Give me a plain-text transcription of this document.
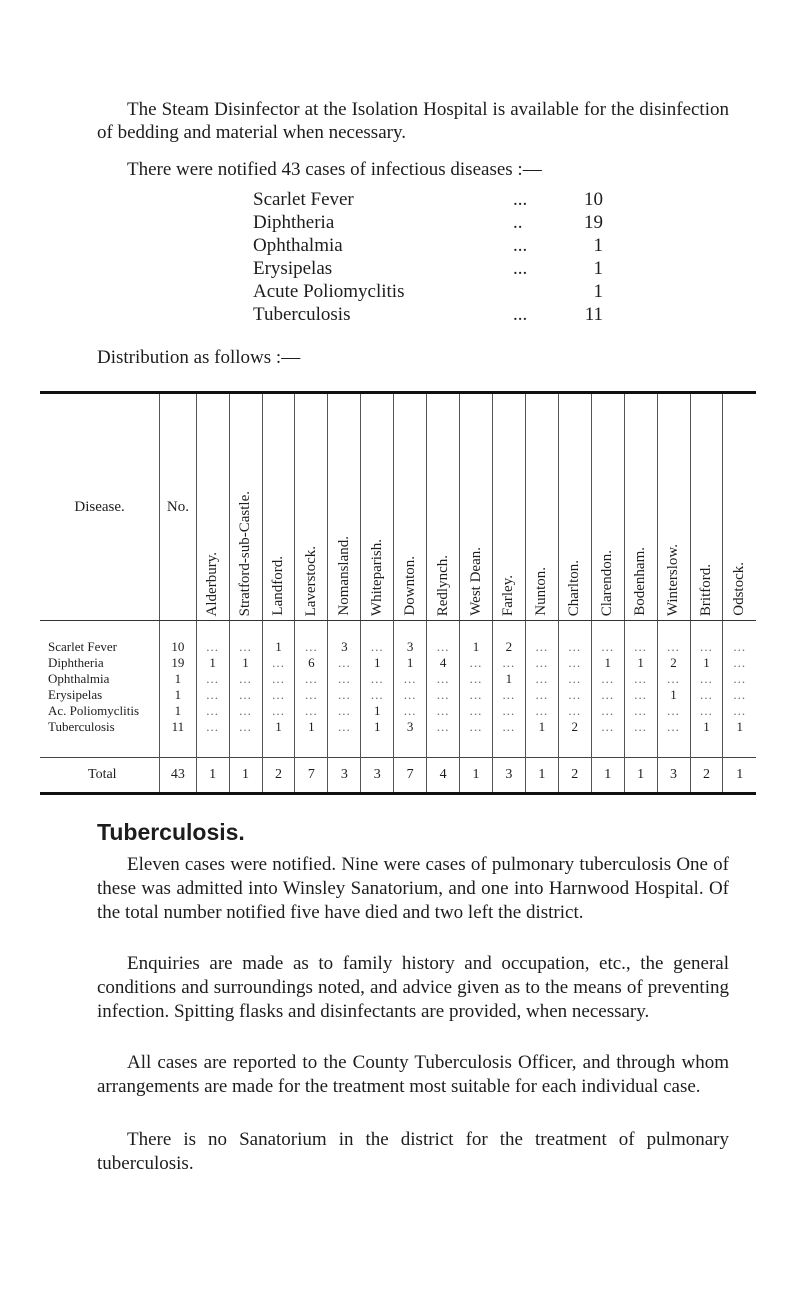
The Steam Disinfector at the Isolation Hospital is available for the disinfection of bedding and material when necessary.

There were notified 43 cases of infectious diseases :—

Scarlet Fever	...	10
Diphtheria	..	19
Ophthalmia	...	1
Erysipelas	...	1
Acute Poliomyclitis	1
Tuberculosis	...	11

Distribution as follows :—

Disease.	No.	Alderbury.	Stratford-sub-Castle.	Landford.	Laverstock.	Nomansland.	Whiteparish.	Downton.	Redlynch.	West Dean.	Farley.	Nunton.	Charlton.	Clarendon.	Bodenham.	Winterslow.	Britford.	Odstock.

Scarlet Fever	10	...	...	1	...	3	...	3	...	1	2	...	...	...	...	...	...	...
Diphtheria	19	1	1	...	6	...	1	1	4	...	...	...	...	1	1	2	1	...
Ophthalmia	1	...	...	...	...	...	...	...	...	...	1	...	...	...	...	...	...	...
Erysipelas	1	...	...	...	...	...	...	...	...	...	...	...	...	...	...	1	...	...
Ac. Poliomyclitis	1	...	...	...	...	...	1	...	...	...	...	...	...	...	...	...	...	...
Tuberculosis	11	...	...	1	1	...	1	3	...	...	...	1	2	...	...	...	1	1
Total	43	1	1	2	7	3	3	7	4	1	3	1	2	1	1	3	2	1

Tuberculosis.

Eleven cases were notified. Nine were cases of pulmonary tuberculosis One of these was admitted into Winsley Sanatorium, and one into Harnwood Hospital. Of the total number notified five have died and two left the district.

Enquiries are made as to family history and occupation, etc., the general conditions and surroundings noted, and advice given as to the means of preventing infection. Spitting flasks and disinfectants are provided, when necessary.

All cases are reported to the County Tuberculosis Officer, and through whom arrangements are made for the treatment most suitable for each individual case.

There is no Sanatorium in the district for the treatment of pulmonary tuberculosis.
